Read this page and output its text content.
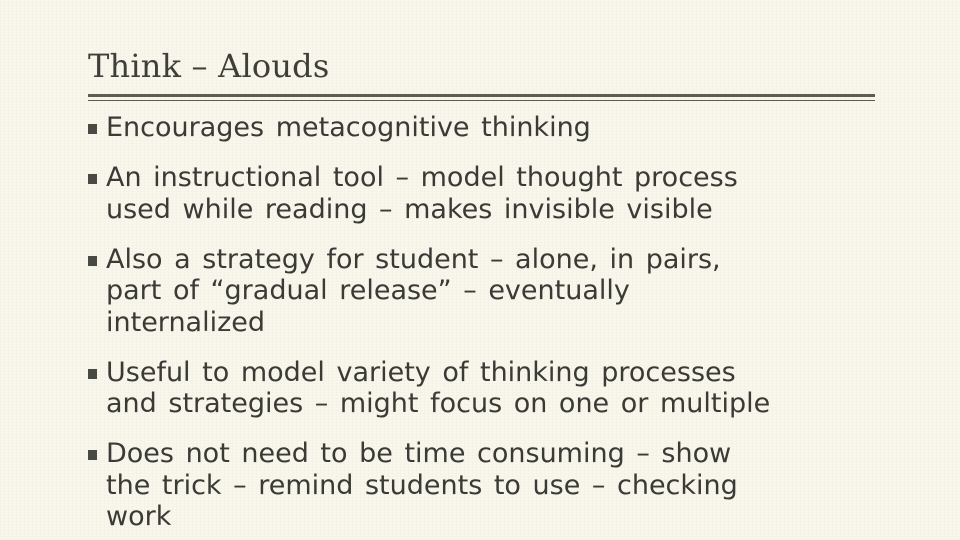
Think – Alouds
Encourages metacognitive thinking
An instructional tool – model thought process
used while reading – makes invisible visible
Also a strategy for student – alone, in pairs,
part of “gradual release” – eventually
internalized
Useful to model variety of thinking processes
and strategies – might focus on one or multiple
Does not need to be time consuming – show
the trick – remind students to use – checking
work
